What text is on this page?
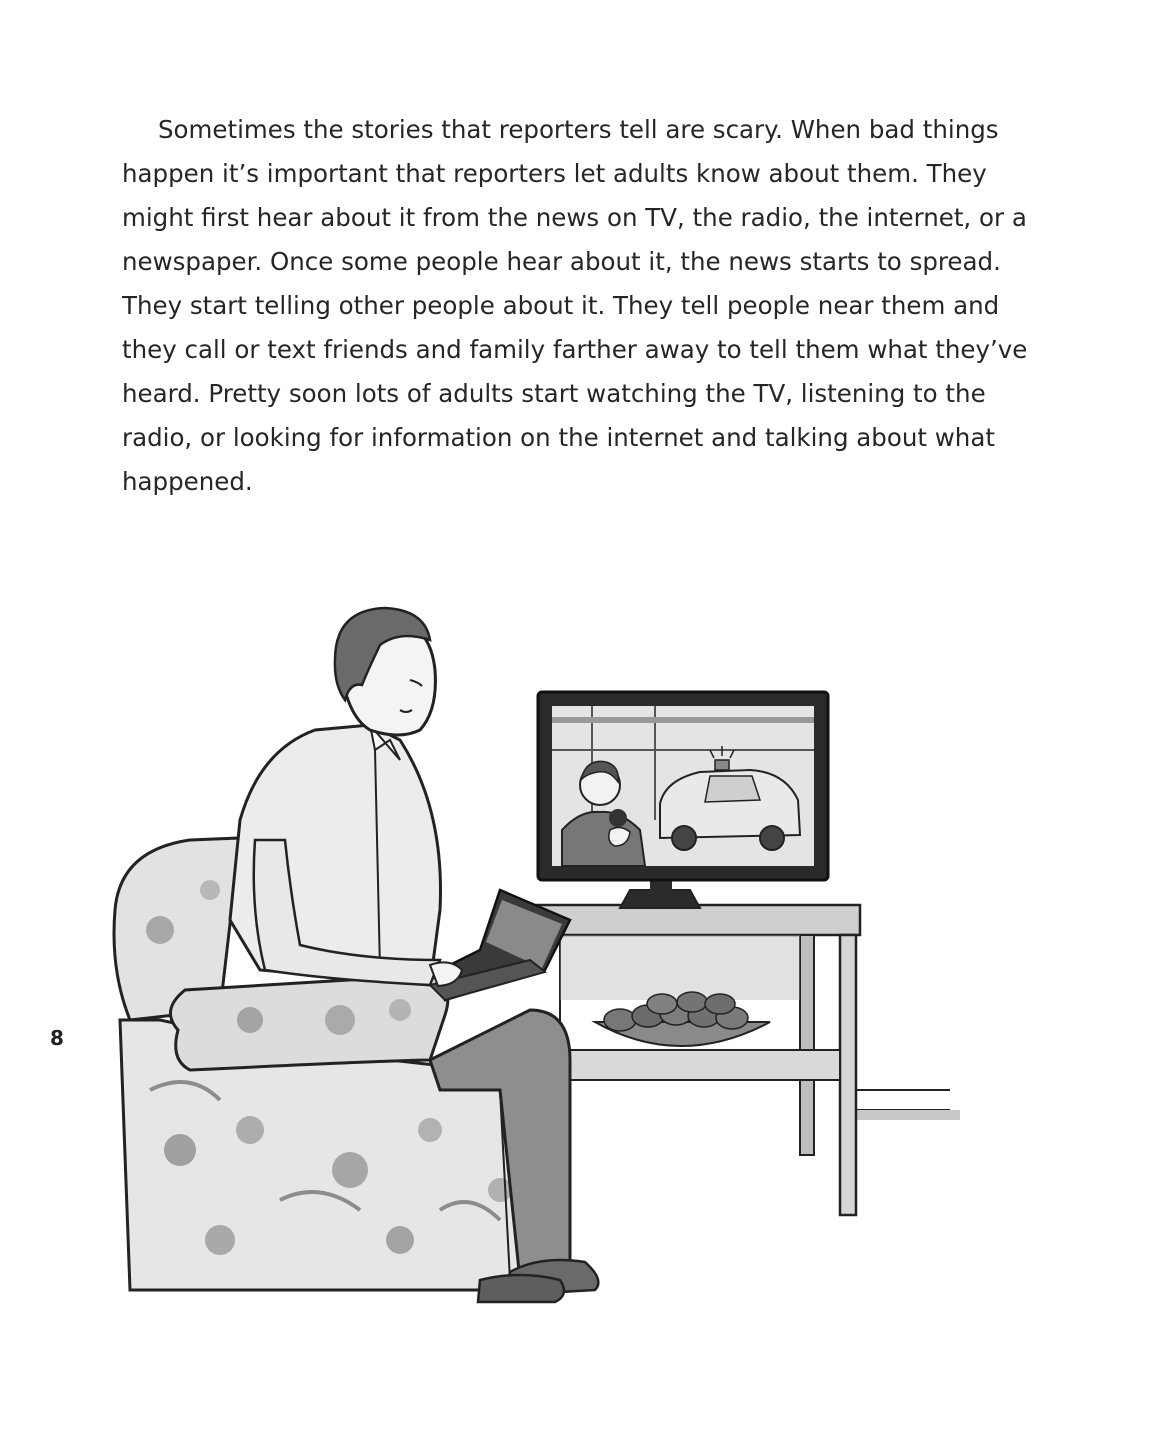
Sometimes the stories that reporters tell are scary. When bad things happen it’s important that reporters let adults know about them. They might first hear about it from the news on TV, the radio, the internet, or a newspaper. Once some people hear about it, the news starts to spread. They start telling other people about it. They tell people near them and they call or text friends and family farther away to tell them what they’ve heard. Pretty soon lots of adults start watching the TV, listening to the radio, or looking for information on the internet and talking about what happened.

8
